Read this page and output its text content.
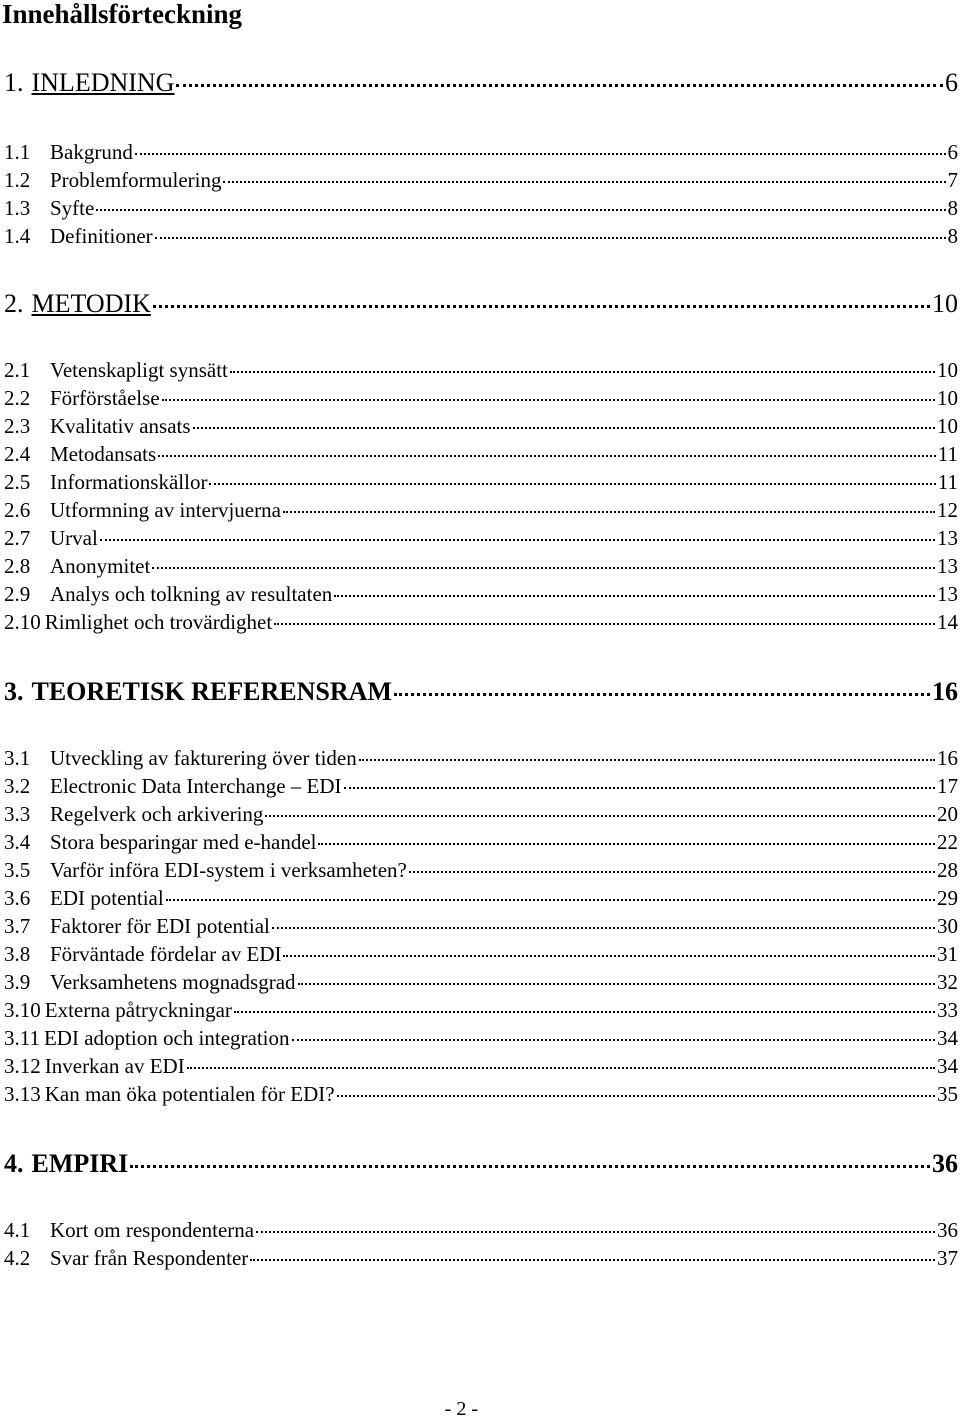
Innehållsförteckning
1. INLEDNING	6
1.1 Bakgrund	6
1.2 Problemformulering	7
1.3 Syfte	8
1.4 Definitioner	8
2. METODIK	10
2.1 Vetenskapligt synsätt	10
2.2 Förförståelse	10
2.3 Kvalitativ ansats	10
2.4 Metodansats	11
2.5 Informationskällor	11
2.6 Utformning av intervjuerna	12
2.7 Urval	13
2.8 Anonymitet	13
2.9 Analys och tolkning av resultaten	13
2.10 Rimlighet och trovärdighet	14
3. TEORETISK REFERENSRAM	16
3.1 Utveckling av fakturering över tiden	16
3.2 Electronic Data Interchange – EDI	17
3.3 Regelverk och arkivering	20
3.4 Stora besparingar med e-handel	22
3.5 Varför införa EDI-system i verksamheten?	28
3.6 EDI potential	29
3.7 Faktorer för EDI potential	30
3.8 Förväntade fördelar av EDI	31
3.9 Verksamhetens mognadsgrad	32
3.10 Externa påtryckningar	33
3.11 EDI adoption och integration	34
3.12 Inverkan av EDI	34
3.13 Kan man öka potentialen för EDI?	35
4. EMPIRI	36
4.1 Kort om respondenterna	36
4.2 Svar från Respondenter	37
- 2 -
